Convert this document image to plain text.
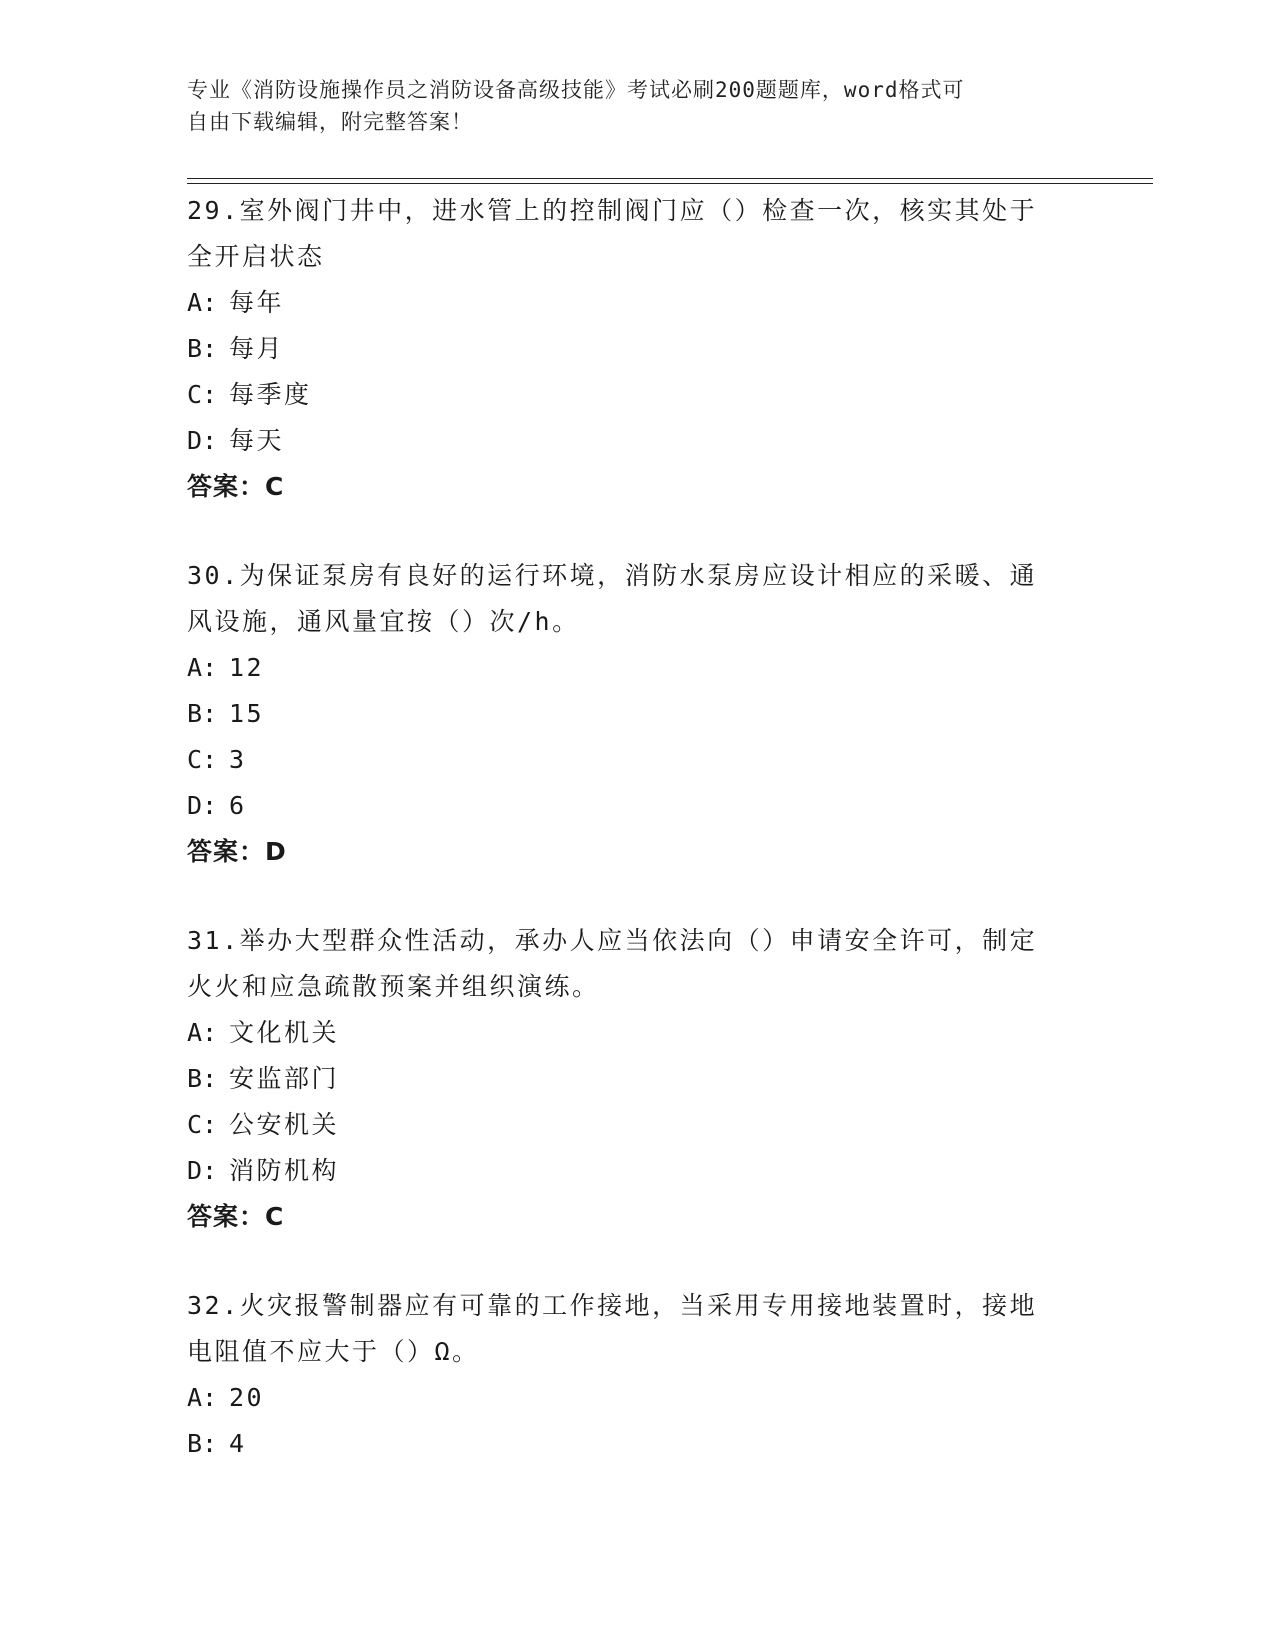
专业《消防设施操作员之消防设备高级技能》考试必刷200题题库，word格式可
自由下载编辑，附完整答案！

29.室外阀门井中，进水管上的控制阀门应（）检查一次，核实其处于

全开启状态

A: 每年

B: 每月

C: 每季度

D: 每天

答案：C

30.为保证泵房有良好的运行环境，消防水泵房应设计相应的采暖、通

风设施，通风量宜按（）次/h。

A: 12

B: 15

C: 3

D: 6

答案：D

31.举办大型群众性活动，承办人应当依法向（）申请安全许可，制定

火火和应急疏散预案并组织演练。

A: 文化机关

B: 安监部门

C: 公安机关

D: 消防机构

答案：C

32.火灾报警制器应有可靠的工作接地，当采用专用接地装置时，接地

电阻值不应大于（）Ω。

A: 20

B: 4
